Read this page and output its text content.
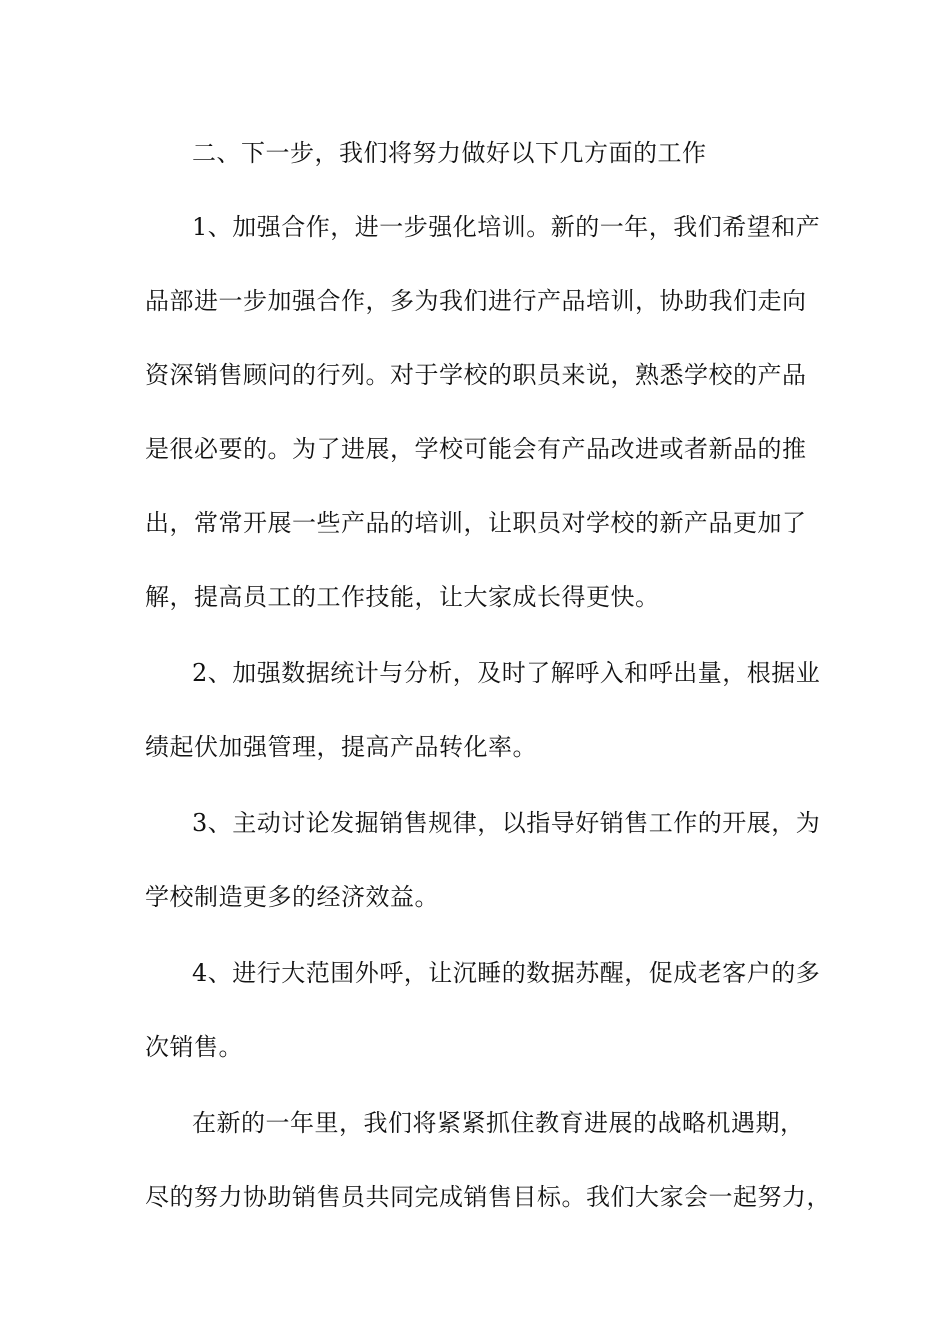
二、下一步，我们将努力做好以下几方面的工作
1、加强合作，进一步强化培训。新的一年，我们希望和产
品部进一步加强合作，多为我们进行产品培训，协助我们走向
资深销售顾问的行列。对于学校的职员来说，熟悉学校的产品
是很必要的。为了进展，学校可能会有产品改进或者新品的推
出，常常开展一些产品的培训，让职员对学校的新产品更加了
解，提高员工的工作技能，让大家成长得更快。
2、加强数据统计与分析，及时了解呼入和呼出量，根据业
绩起伏加强管理，提高产品转化率。
3、主动讨论发掘销售规律，以指导好销售工作的开展，为
学校制造更多的经济效益。
4、进行大范围外呼，让沉睡的数据苏醒，促成老客户的多
次销售。
在新的一年里，我们将紧紧抓住教育进展的战略机遇期，
尽的努力协助销售员共同完成销售目标。我们大家会一起努力，
